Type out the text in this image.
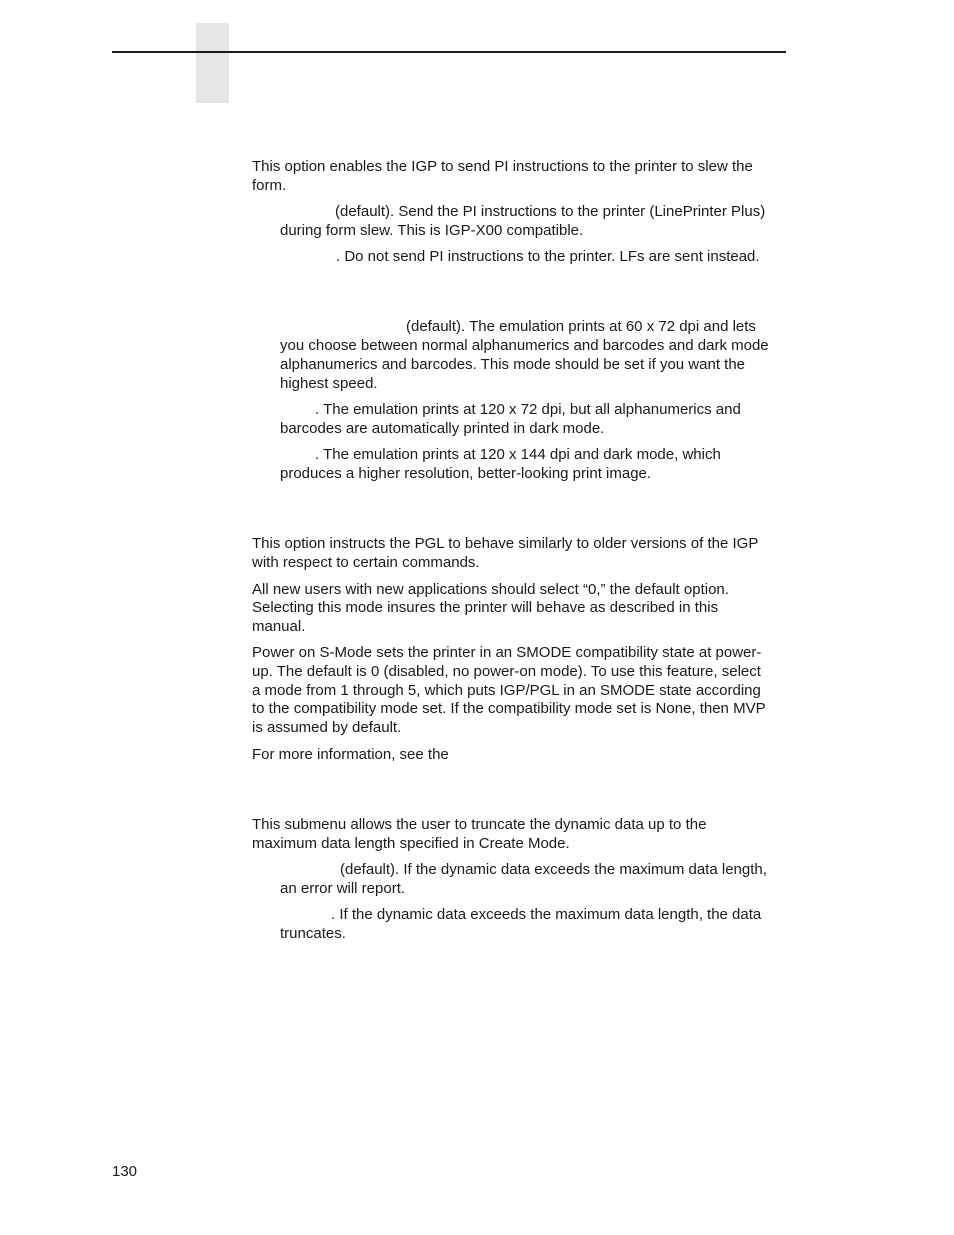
This option enables the IGP to send PI instructions to the printer to slew the

form.

(default). Send the PI instructions to the printer (LinePrinter Plus)

during form slew. This is IGP-X00 compatible.

. Do not send PI instructions to the printer. LFs are sent instead.

(default). The emulation prints at 60 x 72 dpi and lets

you choose between normal alphanumerics and barcodes and dark mode

alphanumerics and barcodes. This mode should be set if you want the

highest speed.

. The emulation prints at 120 x 72 dpi, but all alphanumerics and

barcodes are automatically printed in dark mode.

. The emulation prints at 120 x 144 dpi and dark mode, which

produces a higher resolution, better-looking print image.

This option instructs the PGL to behave similarly to older versions of the IGP

with respect to certain commands.

All new users with new applications should select “0,” the default option.

Selecting this mode insures the printer will behave as described in this

manual.

Power on S-Mode sets the printer in an SMODE compatibility state at power-

up. The default is 0 (disabled, no power-on mode). To use this feature, select

a mode from 1 through 5, which puts IGP/PGL in an SMODE state according

to the compatibility mode set. If the compatibility mode set is None, then MVP

is assumed by default.

For more information, see the

This submenu allows the user to truncate the dynamic data up to the

maximum data length specified in Create Mode.

(default). If the dynamic data exceeds the maximum data length,

an error will report.

. If the dynamic data exceeds the maximum data length, the data

truncates.

130
